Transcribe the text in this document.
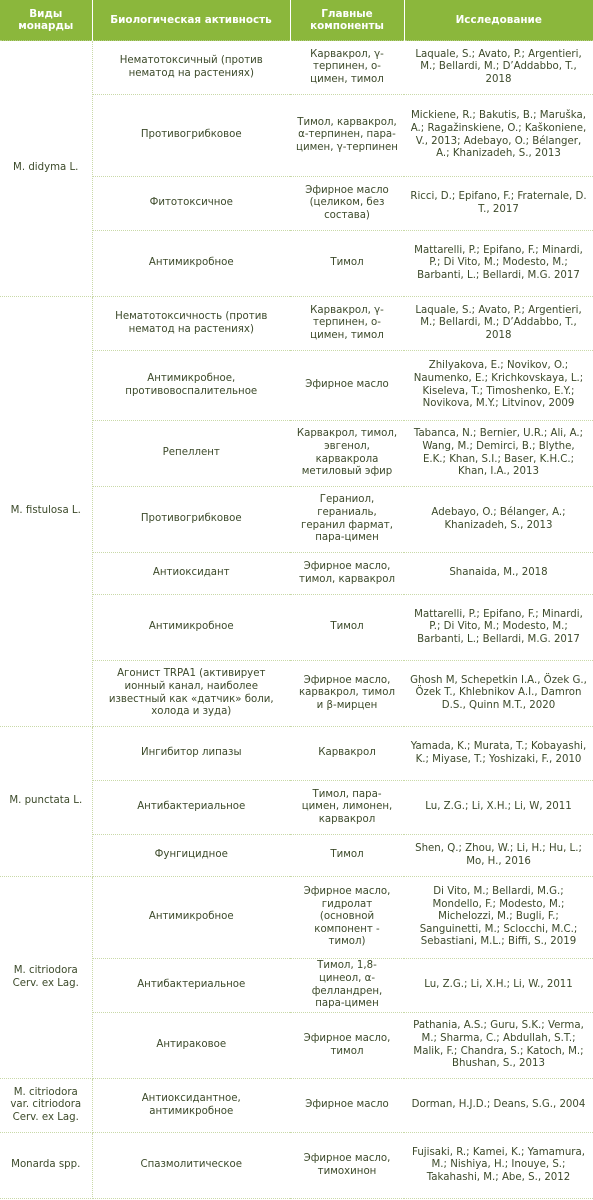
Виды монарды	Биологическая активность	Главные компоненты	Исследование
M. didyma L.	Нематотоксичный (против нематод на растениях)	Карвакрол, γ-терпинен, о-цимен, тимол	Laquale, S.; Avato, P.; Argentieri, M.; Bellardi, M.; D’Addabbo, T., 2018
	Противогрибковое	Тимол, карвакрол, α-терпинен, пара-цимен, γ-терпинен	Mickiene, R.; Bakutis, B.; Maruška, A.; Ragažinskiene, O.; Kaškoniene, V., 2013; Adebayo, O.; Bélanger, A.; Khanizadeh, S., 2013
	Фитотоксичное	Эфирное масло (целиком, без состава)	Ricci, D.; Epifano, F.; Fraternale, D. T., 2017
	Антимикробное	Тимол	Mattarelli, P.; Epifano, F.; Minardi, P.; Di Vito, M.; Modesto, M.; Barbanti, L.; Bellardi, M.G. 2017
M. fistulosa L.	Нематотоксичность (против нематод на растениях)	Карвакрол, γ-терпинен, о-цимен, тимол	Laquale, S.; Avato, P.; Argentieri, M.; Bellardi, M.; D’Addabbo, T., 2018
	Антимикробное, противовоспалительное	Эфирное масло	Zhilyakova, E.; Novikov, O.; Naumenko, E.; Krichkovskaya, L.; Kiseleva, T.; Timoshenko, E.Y.; Novikova, M.Y.; Litvinov, 2009
	Репеллент	Карвакрол, тимол, эвгенол, карвакрола метиловый эфир	Tabanca, N.; Bernier, U.R.; Ali, A.; Wang, M.; Demirci, B.; Blythe, E.K.; Khan, S.I.; Baser, K.H.C.; Khan, I.A., 2013
	Противогрибковое	Гераниол, гераниаль, геранил фармат, пара-цимен	Adebayo, O.; Bélanger, A.; Khanizadeh, S., 2013
	Антиоксидант	Эфирное масло, тимол, карвакрол	Shanaida, M., 2018
	Антимикробное	Тимол	Mattarelli, P.; Epifano, F.; Minardi, P.; Di Vito, M.; Modesto, M.; Barbanti, L.; Bellardi, M.G. 2017
	Агонист TRPA1 (активирует ионный канал, наиболее известный как «датчик» боли, холода и зуда)	Эфирное масло, карвакрол, тимол и β-мирцен	Ghosh M, Schepetkin I.A., Özek G., Özek T., Khlebnikov A.I., Damron D.S., Quinn M.T., 2020
M. punctata L.	Ингибитор липазы	Карвакрол	Yamada, K.; Murata, T.; Kobayashi, K.; Miyase, T.; Yoshizaki, F., 2010
	Антибактериальное	Тимол, пара-цимен, лимонен, карвакрол	Lu, Z.G.; Li, X.H.; Li, W, 2011
	Фунгицидное	Тимол	Shen, Q.; Zhou, W.; Li, H.; Hu, L.; Mo, H., 2016
M. citriodora Cerv. ex Lag.	Антимикробное	Эфирное масло, гидролат (основной компонент - тимол)	Di Vito, M.; Bellardi, M.G.; Mondello, F.; Modesto, M.; Michelozzi, M.; Bugli, F.; Sanguinetti, M.; Sclocchi, M.C.; Sebastiani, M.L.; Biffi, S., 2019
	Антибактериальное	Тимол, 1,8-цинеол, α-фелландрен, пара-цимен	Lu, Z.G.; Li, X.H.; Li, W., 2011
	Антираковое	Эфирное масло, тимол	Pathania, A.S.; Guru, S.K.; Verma, M.; Sharma, C.; Abdullah, S.T.; Malik, F.; Chandra, S.; Katoch, M.; Bhushan, S., 2013
M. citriodora var. citriodora Cerv. ex Lag.	Антиоксидантное, антимикробное	Эфирное масло	Dorman, H.J.D.; Deans, S.G., 2004
Monarda spp.	Спазмолитическое	Эфирное масло, тимохинон	Fujisaki, R.; Kamei, K.; Yamamura, M.; Nishiya, H.; Inouye, S.; Takahashi, M.; Abe, S., 2012
